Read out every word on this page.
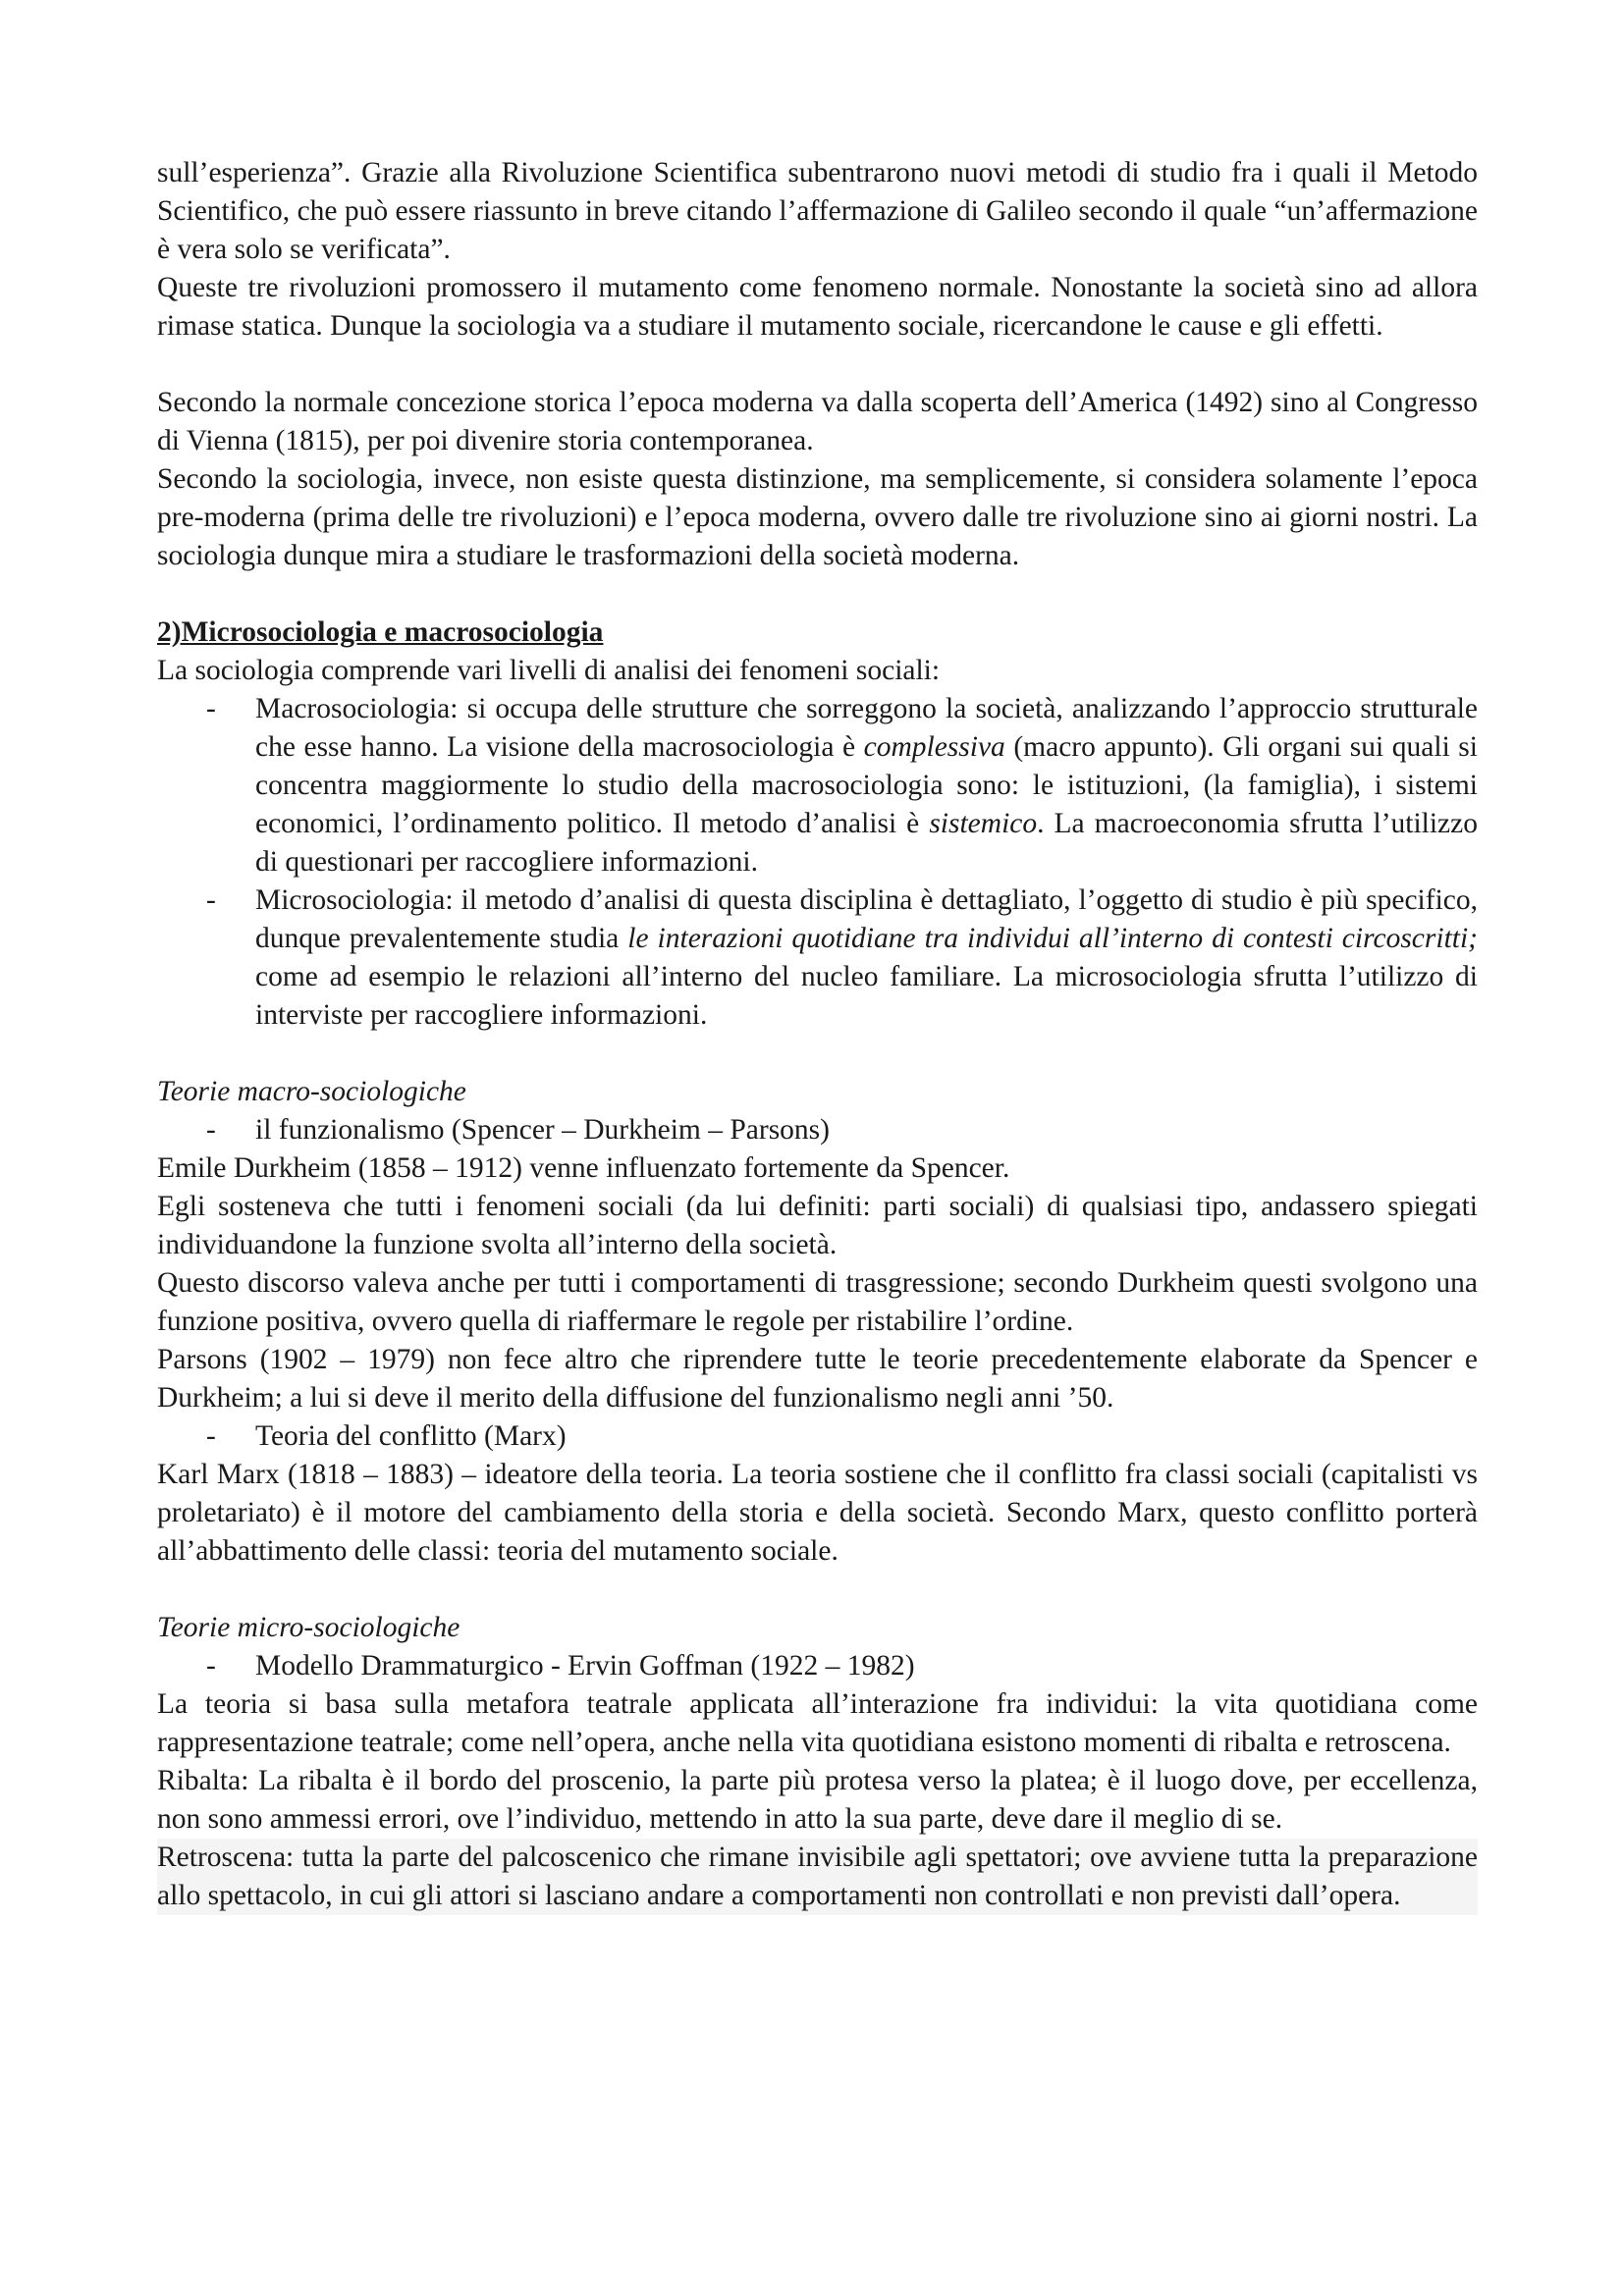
sull’esperienza”. Grazie alla Rivoluzione Scientifica subentrarono nuovi metodi di studio fra i quali il Metodo Scientifico, che può essere riassunto in breve citando l’affermazione di Galileo secondo il quale “un’affermazione è vera solo se verificata”.

Queste tre rivoluzioni promossero il mutamento come fenomeno normale. Nonostante la società sino ad allora rimase statica. Dunque la sociologia va a studiare il mutamento sociale, ricercandone le cause e gli effetti.

Secondo la normale concezione storica l’epoca moderna va dalla scoperta dell’America (1492) sino al Congresso di Vienna (1815), per poi divenire storia contemporanea.

Secondo la sociologia, invece, non esiste questa distinzione, ma semplicemente, si considera solamente l’epoca pre-moderna (prima delle tre rivoluzioni) e l’epoca moderna, ovvero dalle tre rivoluzione sino ai giorni nostri. La sociologia dunque mira a studiare le trasformazioni della società moderna.

2)Microsociologia e macrosociologia

La sociologia comprende vari livelli di analisi dei fenomeni sociali:

- Macrosociologia: si occupa delle strutture che sorreggono la società, analizzando l’approccio strutturale che esse hanno. La visione della macrosociologia è complessiva (macro appunto). Gli organi sui quali si concentra maggiormente lo studio della macrosociologia sono: le istituzioni, (la famiglia), i sistemi economici, l’ordinamento politico. Il metodo d’analisi è sistemico. La macroeconomia sfrutta l’utilizzo di questionari per raccogliere informazioni.
- Microsociologia: il metodo d’analisi di questa disciplina è dettagliato, l’oggetto di studio è più specifico, dunque prevalentemente studia le interazioni quotidiane tra individui all’interno di contesti circoscritti; come ad esempio le relazioni all’interno del nucleo familiare. La microsociologia sfrutta l’utilizzo di interviste per raccogliere informazioni.

Teorie macro-sociologiche

- il funzionalismo (Spencer – Durkheim – Parsons)

Emile Durkheim (1858 – 1912) venne influenzato fortemente da Spencer.

Egli sosteneva che tutti i fenomeni sociali (da lui definiti: parti sociali) di qualsiasi tipo, andassero spiegati individuandone la funzione svolta all’interno della società.

Questo discorso valeva anche per tutti i comportamenti di trasgressione; secondo Durkheim questi svolgono una funzione positiva, ovvero quella di riaffermare le regole per ristabilire l’ordine.

Parsons (1902 – 1979) non fece altro che riprendere tutte le teorie precedentemente elaborate da Spencer e Durkheim; a lui si deve il merito della diffusione del funzionalismo negli anni ’50.

- Teoria del conflitto (Marx)

Karl Marx (1818 – 1883) – ideatore della teoria. La teoria sostiene che il conflitto fra classi sociali (capitalisti vs proletariato) è il motore del cambiamento della storia e della società. Secondo Marx, questo conflitto porterà all’abbattimento delle classi: teoria del mutamento sociale.

Teorie micro-sociologiche

- Modello Drammaturgico - Ervin Goffman (1922 – 1982)

La teoria si basa sulla metafora teatrale applicata all’interazione fra individui: la vita quotidiana come rappresentazione teatrale; come nell’opera, anche nella vita quotidiana esistono momenti di ribalta e retroscena.

Ribalta: La ribalta è il bordo del proscenio, la parte più protesa verso la platea; è il luogo dove, per eccellenza, non sono ammessi errori, ove l’individuo, mettendo in atto la sua parte, deve dare il meglio di se.

Retroscena: tutta la parte del palcoscenico che rimane invisibile agli spettatori; ove avviene tutta la preparazione allo spettacolo, in cui gli attori si lasciano andare a comportamenti non controllati e non previsti dall’opera.
